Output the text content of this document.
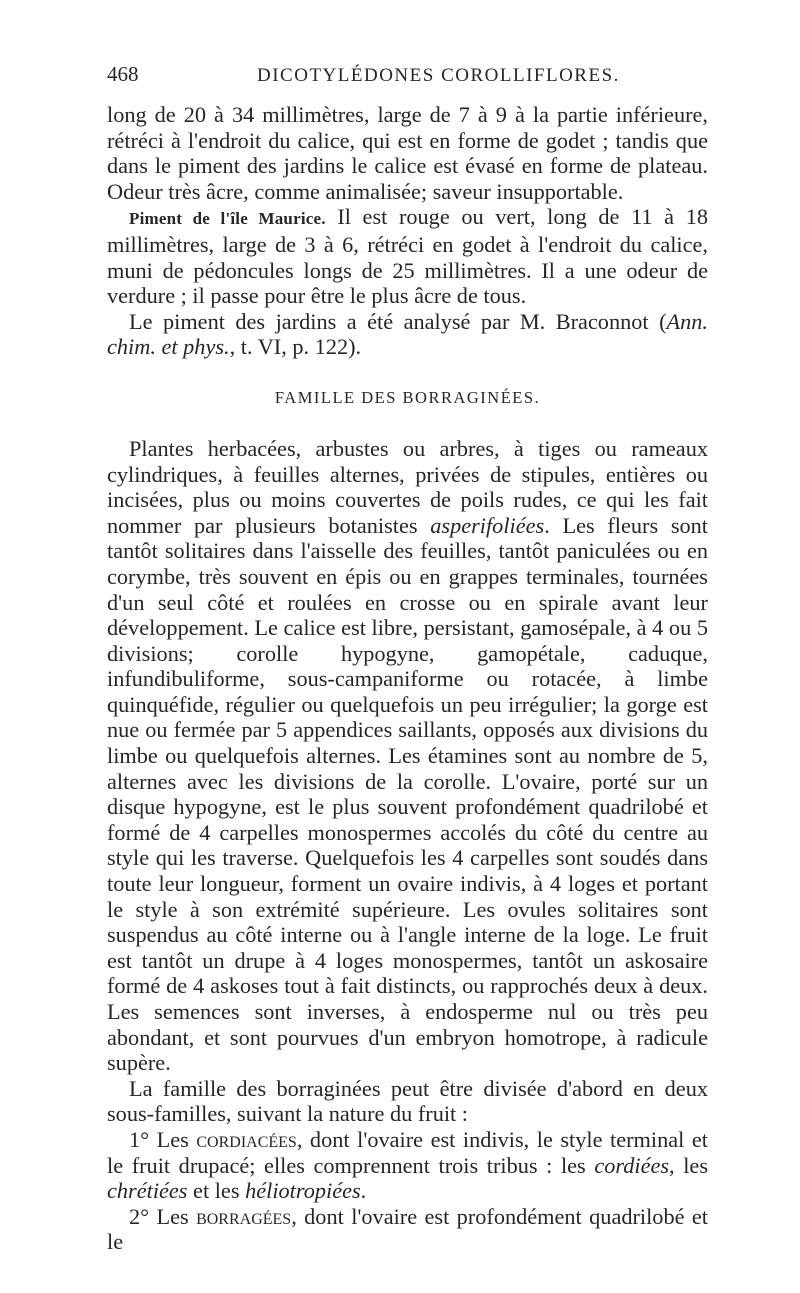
468	DICOTYLÉDONES COROLLIFLORES.

long de 20 à 34 millimètres, large de 7 à 9 à la partie inférieure, rétréci à l'endroit du calice, qui est en forme de godet ; tandis que dans le piment des jardins le calice est évasé en forme de plateau. Odeur très âcre, comme animalisée; saveur insupportable.

Piment de l'île Maurice. Il est rouge ou vert, long de 11 à 18 millimètres, large de 3 à 6, rétréci en godet à l'endroit du calice, muni de pédoncules longs de 25 millimètres. Il a une odeur de verdure ; il passe pour être le plus âcre de tous.

Le piment des jardins a été analysé par M. Braconnot (Ann. chim. et phys., t. VI, p. 122).

FAMILLE DES BORRAGINÉES.

Plantes herbacées, arbustes ou arbres, à tiges ou rameaux cylindriques, à feuilles alternes, privées de stipules, entières ou incisées, plus ou moins couvertes de poils rudes, ce qui les fait nommer par plusieurs botanistes asperifoliées. Les fleurs sont tantôt solitaires dans l'aisselle des feuilles, tantôt paniculées ou en corymbe, très souvent en épis ou en grappes terminales, tournées d'un seul côté et roulées en crosse ou en spirale avant leur développement. Le calice est libre, persistant, gamosépale, à 4 ou 5 divisions; corolle hypogyne, gamopétale, caduque, infundibuliforme, sous-campaniforme ou rotacée, à limbe quinquéfide, régulier ou quelquefois un peu irrégulier; la gorge est nue ou fermée par 5 appendices saillants, opposés aux divisions du limbe ou quelquefois alternes. Les étamines sont au nombre de 5, alternes avec les divisions de la corolle. L'ovaire, porté sur un disque hypogyne, est le plus souvent profondément quadrilobé et formé de 4 carpelles monospermes accolés du côté du centre au style qui les traverse. Quelquefois les 4 carpelles sont soudés dans toute leur longueur, forment un ovaire indivis, à 4 loges et portant le style à son extrémité supérieure. Les ovules solitaires sont suspendus au côté interne ou à l'angle interne de la loge. Le fruit est tantôt un drupe à 4 loges monospermes, tantôt un askosaire formé de 4 askoses tout à fait distincts, ou rapprochés deux à deux. Les semences sont inverses, à endosperme nul ou très peu abondant, et sont pourvues d'un embryon homotrope, à radicule supère.

La famille des borraginées peut être divisée d'abord en deux sous-familles, suivant la nature du fruit :

1° Les cordiacées, dont l'ovaire est indivis, le style terminal et le fruit drupacé; elles comprennent trois tribus : les cordiées, les chrétiées et les héliotropiées.

2° Les borragées, dont l'ovaire est profondément quadrilobé et le
